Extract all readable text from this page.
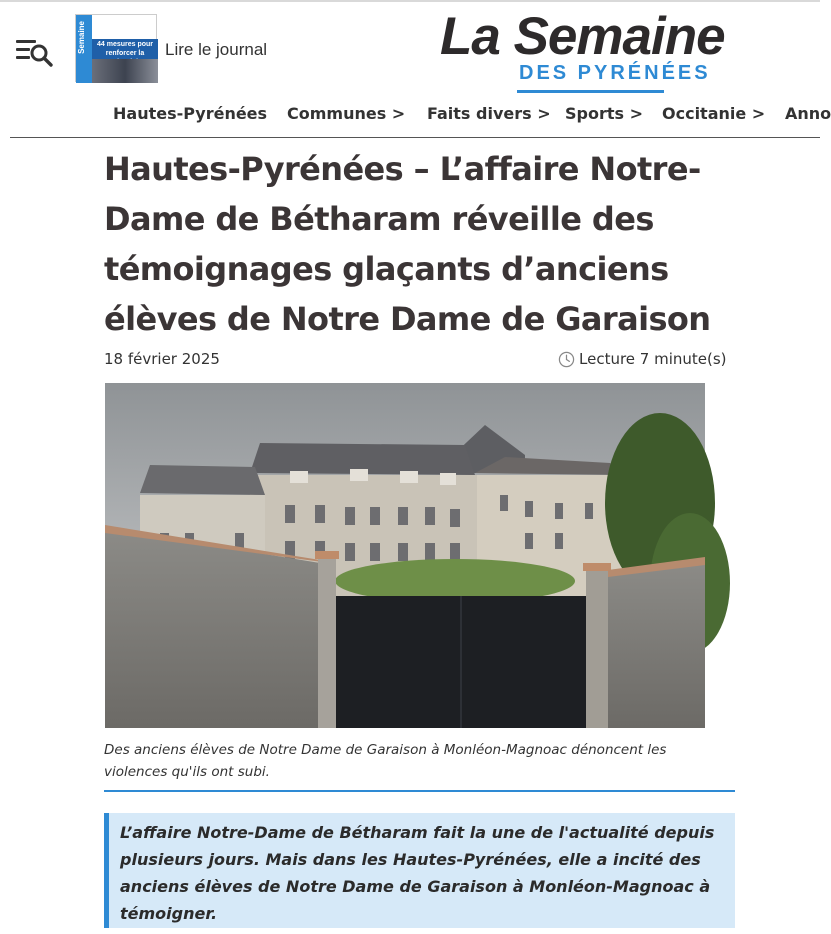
Semaine	44 mesures pour renforcer la	Lire le journal	La Semaine
DES PYRÉNÉES
Hautes-Pyrénées Communes > Faits divers > Sports > Occitanie > Anno
Hautes-Pyrénées – L’affaire Notre-Dame de Bétharam réveille des témoignages glaçants d’anciens élèves de Notre Dame de Garaison
18 février 2025	Lecture 7 minute(s)
Des anciens élèves de Notre Dame de Garaison à Monléon-Magnoac dénoncent les violences qu'ils ont subi.
L’affaire Notre-Dame de Bétharam fait la une de l'actualité depuis plusieurs jours. Mais dans les Hautes-Pyrénées, elle a incité des anciens élèves de Notre Dame de Garaison à Monléon-Magnoac à témoigner.
